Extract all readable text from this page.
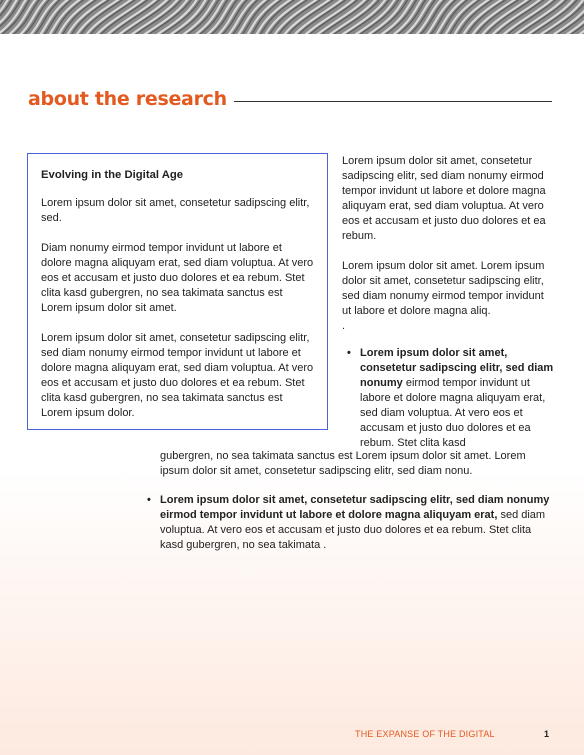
about the research
Evolving in the Digital Age

Lorem ipsum dolor sit amet, consetetur sadipscing elitr, sed.

Diam nonumy eirmod tempor invidunt ut labore et dolore magna aliquyam erat, sed diam voluptua. At vero eos et accusam et justo duo dolores et ea rebum. Stet clita kasd gubergren, no sea takimata sanctus est Lorem ipsum dolor sit amet.

Lorem ipsum dolor sit amet, consetetur sadipscing elitr, sed diam nonumy eirmod tempor invidunt ut labore et dolore magna aliquyam erat, sed diam voluptua. At vero eos et accusam et justo duo dolores et ea rebum. Stet clita kasd gubergren, no sea takimata sanctus est Lorem ipsum dolor.

Lorem ipsum dolor sit amet, consetetur sadipscing elitr, sed diam nonumy eirmod tempor invidunt ut labore et dolore magna aliquyam erat, sed diam voluptua. At vero eos et accusam et justo duo dolores et ea rebum.

Lorem ipsum dolor sit amet. Lorem ipsum dolor sit amet, consetetur sadipscing elitr, sed diam nonumy eirmod tempor invidunt ut labore et dolore magna aliq.

.

• Lorem ipsum dolor sit amet, consetetur sadipscing elitr, sed diam nonumy eirmod tempor invidunt ut labore et dolore magna aliquyam erat, sed diam voluptua. At vero eos et accusam et justo duo dolores et ea rebum. Stet clita kasd
gubergren, no sea takimata sanctus est Lorem ipsum dolor sit amet. Lorem ipsum dolor sit amet, consetetur sadipscing elitr, sed diam nonu.
• Lorem ipsum dolor sit amet, consetetur sadipscing elitr, sed diam nonumy eirmod tempor invidunt ut labore et dolore magna aliquyam erat, sed diam voluptua. At vero eos et accusam et justo duo dolores et ea rebum. Stet clita kasd gubergren, no sea takimata .
THE EXPANSE OF THE DIGITAL	1
